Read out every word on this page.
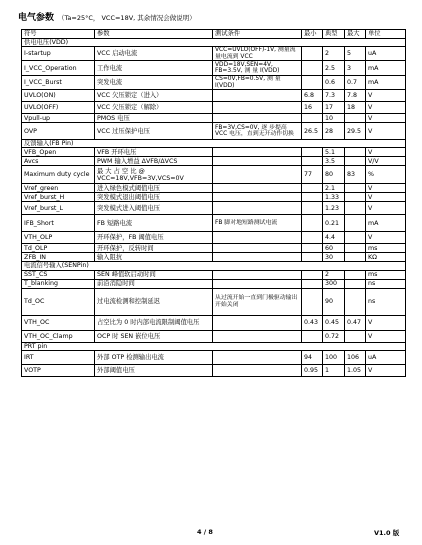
电气参数 （Ta=25°C， VCC=18V, 其余情况会做说明）
符号	参数	测试条件	最小	典型	最大	单位
供电电压(VDD)						
I-startup	VCC 启动电流	VCC=UVLO(OFF)-1V, 测量流量电流到 VCC		2	5	uA
I_VCC_Operation	工作电流	VDD=18V,SEN=4V, FB=3.5V, 测 量 I(VDD)		2.5	3	mA
I_VCC_Burst	突发电流	CS=0V,FB=0.5V, 测 量 I(VDD)		0.6	0.7	mA
UVLO(ON)	VCC 欠压锁定（进入）		6.8	7.3	7.8	V
UVLO(OFF)	VCC 欠压锁定（解除）		16	17	18	V
Vpull-up	PMOS 电压			10		V
OVP	VCC 过压保护电压	FB=3V,CS=0V, 逐 步提高 VCC 电压，直到无开动作切换	26.5	28	29.5	V
反馈输入(FB Pin)						
VFB_Open	VFB 开环电压			5.1		V
Avcs	PWM 输入增益 ΔVFB/ΔVCS			3.5		V/V
Maximum duty cycle	最 大 占 空 比 @ VCC=18V,VFB=3V,VCS=0V		77	80	83	%
Vref_green	进入绿色模式阈值电压			2.1		V
Vref_burst_H	突发模式退出阈值电压			1.33		V
Vref_burst_L	突发模式进入阈值电压			1.23		V
IFB_Short	FB 短路电流	FB 脚对地短路测试电流		0.21		mA
VTH_OLP	开环保护，FB 阈值电压			4.4		V
Td_OLP	开环保护，反转时间			60		ms
ZFB_IN	输入阻抗			30		KΩ
电流信号输入(SENPin)						
SST_CS	SEN 峰值软启动时间			2		ms
T_blanking	前沿消隐时间			300		ns
Td_OC	过电流检测和控制延迟	从过流开始一直到门极驱动输出开始关闭		90		ns
VTH_OC	占空比为 0 时内部电流限制阈值电压		0.43	0.45	0.47	V
VTH_OC_Clamp	OCP 时 SEN 嵌位电压			0.72		V
PRT pin						
IRT	外部 OTP 检测输出电流		94	100	106	uA
VOTP	外部阈值电压		0.95	1	1.05	V
4 / 8	V1.0 版
